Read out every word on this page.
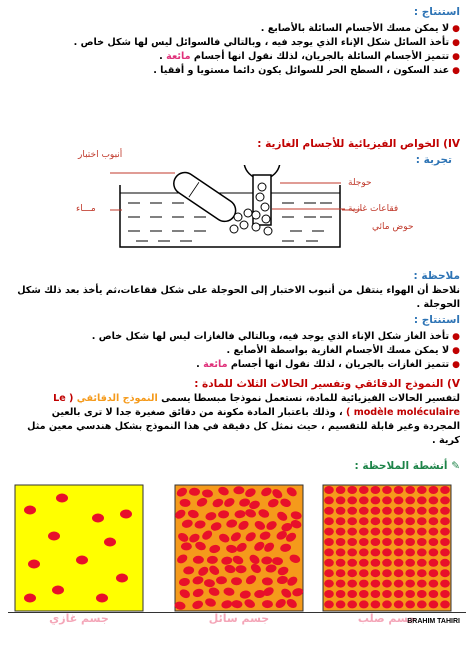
استنتاج :
●لا يمكن مسك الأجسام السائلة بالأصابع .
●تأخذ السائل شكل الإناء الذي يوجد فيه ، وبالتالي فالسوائل ليس لها شكل خاص .
●تتميز الأجسام السائلة بالجريان، لذلك نقول انها أجسام مائعة .
●عند السكون ، السطح الحر للسوائل يكون دائما مستويا و أفقيا .
IV) الخواص الفيزيائية للأجسام الغازية :
تجربة :
أنبوب اختبار
حوجلة
فقاعات غازية
مـــاء
حوض مائي
ملاحظة :
نلاحظ أن الهواء ينتقل من أنبوب الاختبار إلى الحوجلة على شكل فقاعات،ثم يأخذ بعد ذلك شكل الحوجلة .
استنتاج :
●تأخذ الغاز شكل الإناء الذي يوجد فيه، وبالتالي فالغازات ليس لها شكل خاص .
●لا يمكن مسك الأجسام الغازية بواسطة الأصابع .
●تتميز الغازات بالجريان ، لذلك نقول انها أجسام مائعة .
V) النموذج الدقائقي وتفسير الحالات الثلاث للمادة :
لتفسير الحالات الفيزيائية للمادة، نستعمل نموذجا مبسطا يسمى النموذج الدقائقي ( Le modèle moléculaire ) ، وذلك باعتبار المادة مكونة من دقائق صغيرة جدا لا ترى بالعين المجردة وغير قابلة للتقسيم ، حيث نمثل كل دقيقة في هذا النموذج بشكل هندسي معين مثل كرية .
✎ أنشطة الملاحظة :
جسم غازي	جسم سائل	جسم صلب
BRAHIM TAHIRI
